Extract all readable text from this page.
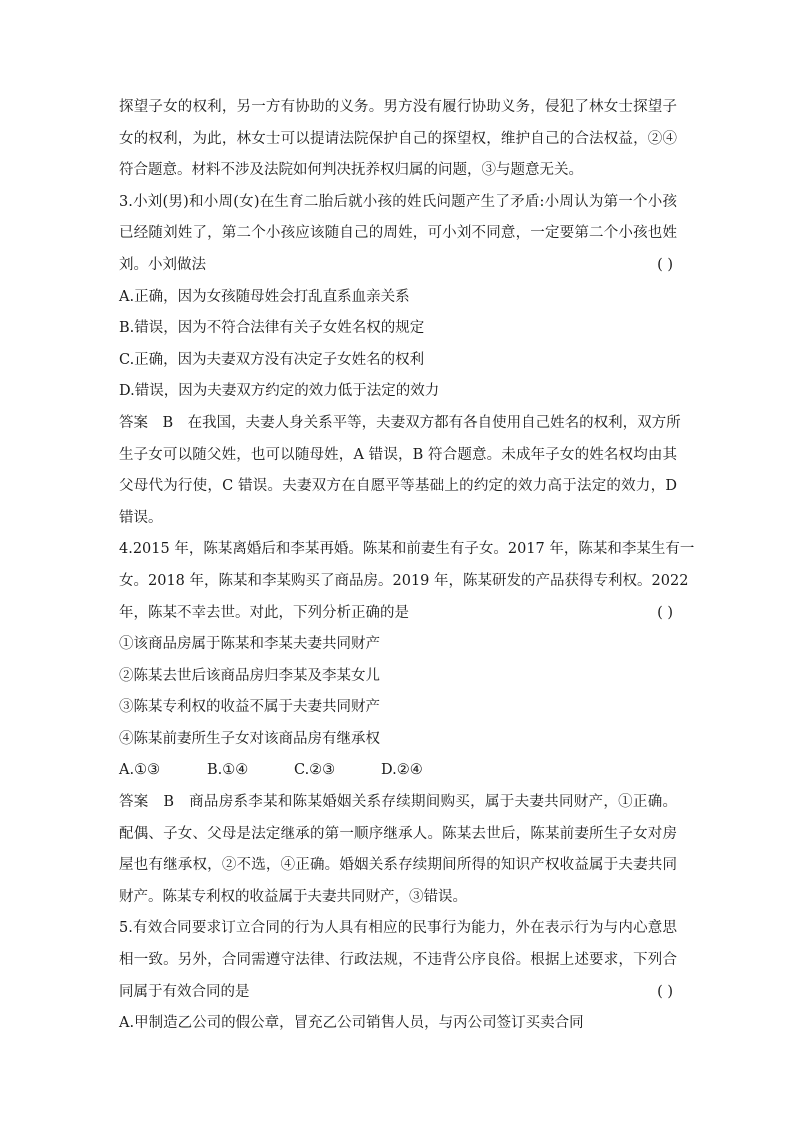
探望子女的权利，另一方有协助的义务。男方没有履行协助义务，侵犯了林女士探望子
女的权利，为此，林女士可以提请法院保护自己的探望权，维护自己的合法权益，②④
符合题意。材料不涉及法院如何判决抚养权归属的问题，③与题意无关。
3.小刘(男)和小周(女)在生育二胎后就小孩的姓氏问题产生了矛盾:小周认为第一个小孩
已经随刘姓了，第二个小孩应该随自己的周姓，可小刘不同意，一定要第二个小孩也姓
刘。小刘做法	( )
A.正确，因为女孩随母姓会打乱直系血亲关系
B.错误，因为不符合法律有关子女姓名权的规定
C.正确，因为夫妻双方没有决定子女姓名的权利
D.错误，因为夫妻双方约定的效力低于法定的效力
答案　B　在我国，夫妻人身关系平等，夫妻双方都有各自使用自己姓名的权利，双方所
生子女可以随父姓，也可以随母姓，A 错误，B 符合题意。未成年子女的姓名权均由其
父母代为行使，C 错误。夫妻双方在自愿平等基础上的约定的效力高于法定的效力，D
错误。
4.2015 年，陈某离婚后和李某再婚。陈某和前妻生有子女。2017 年，陈某和李某生有一
女。2018 年，陈某和李某购买了商品房。2019 年，陈某研发的产品获得专利权。2022
年，陈某不幸去世。对此，下列分析正确的是	( )
①该商品房属于陈某和李某夫妻共同财产
②陈某去世后该商品房归李某及李某女儿
③陈某专利权的收益不属于夫妻共同财产
④陈某前妻所生子女对该商品房有继承权
A.①③	B.①④	C.②③	D.②④
答案　B　商品房系李某和陈某婚姻关系存续期间购买，属于夫妻共同财产，①正确。
配偶、子女、父母是法定继承的第一顺序继承人。陈某去世后，陈某前妻所生子女对房
屋也有继承权，②不选，④正确。婚姻关系存续期间所得的知识产权收益属于夫妻共同
财产。陈某专利权的收益属于夫妻共同财产，③错误。
5.有效合同要求订立合同的行为人具有相应的民事行为能力，外在表示行为与内心意思
相一致。另外，合同需遵守法律、行政法规，不违背公序良俗。根据上述要求，下列合
同属于有效合同的是	( )
A.甲制造乙公司的假公章，冒充乙公司销售人员，与丙公司签订买卖合同
